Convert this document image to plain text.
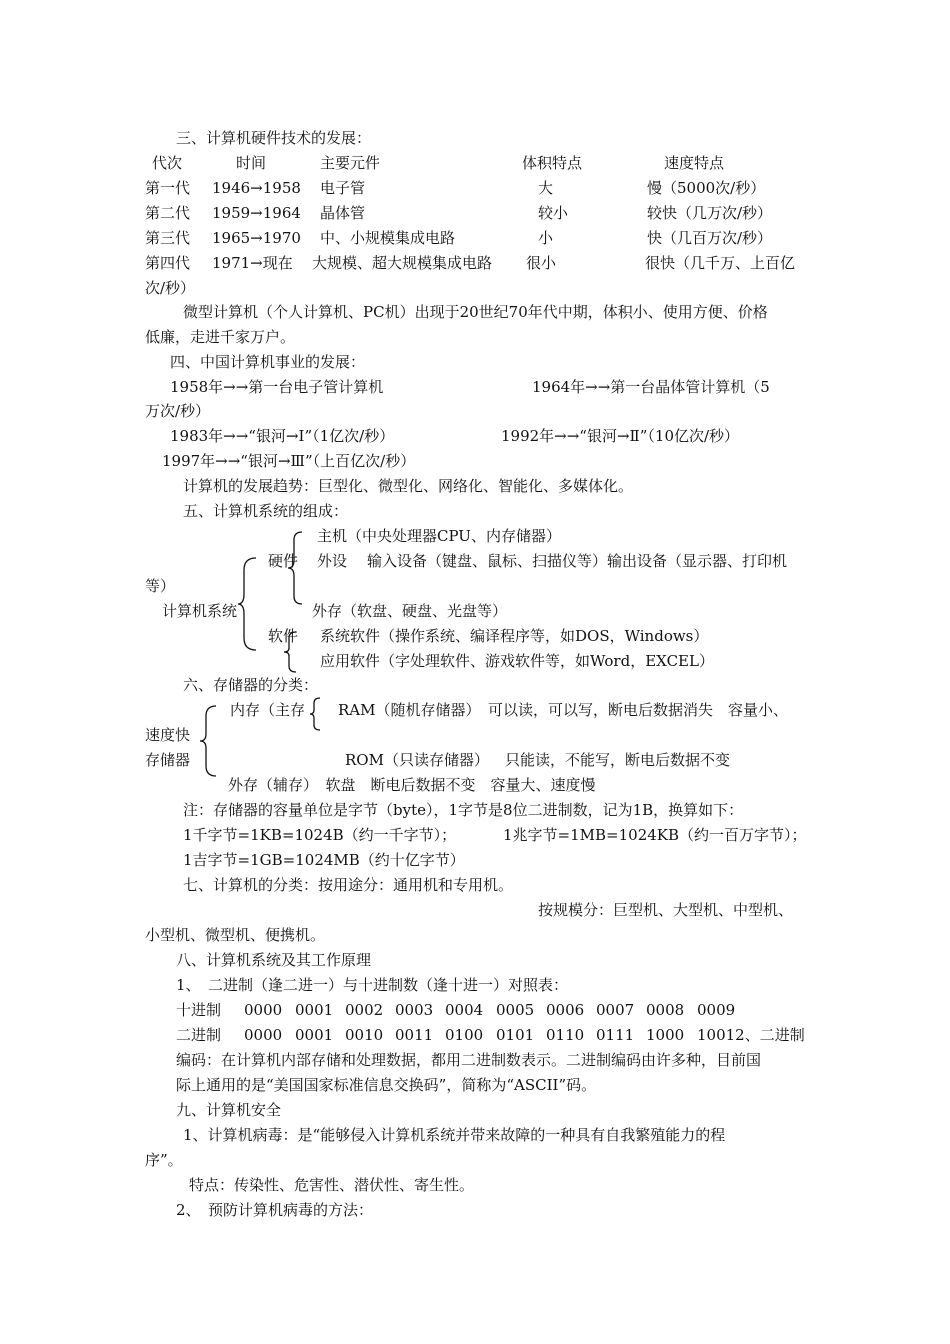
三、计算机硬件技术的发展：
代次	时间	主要元件	体积特点	速度特点
第一代 1946→1958 电子管	大	慢（5000次/秒）
第二代 1959→1964 晶体管	较小	较快（几万次/秒）
第三代 1965→1970 中、小规模集成电路	小	快（几百万次/秒）
第四代 1971→现在 大规模、超大规模集成电路 很小	很快（几千万、上百亿
次/秒）
微型计算机（个人计算机、PC机）出现于20世纪70年代中期，体积小、使用方便、价格
低廉，走进千家万户。
四、中国计算机事业的发展：
1958年→→第一台电子管计算机	1964年→→第一台晶体管计算机（5
万次/秒）
1983年→→“银河→Ⅰ”（1亿次/秒）	1992年→→“银河→Ⅱ”（10亿次/秒）
1997年→→“银河→Ⅲ”（上百亿次/秒）
计算机的发展趋势：巨型化、微型化、网络化、智能化、多媒体化。
五、计算机系统的组成：
主机（中央处理器CPU、内存储器）
硬件 外设 输入设备（键盘、鼠标、扫描仪等）输出设备（显示器、打印机
等）
计算机系统	外存（软盘、硬盘、光盘等）
软件 系统软件（操作系统、编译程序等，如DOS，Windows）
应用软件（字处理软件、游戏软件等，如Word，EXCEL）
六、存储器的分类：
内存（主存 RAM（随机存储器） 可以读，可以写，断电后数据消失　容量小、
速度快
存储器	ROM（只读存储器） 只能读，不能写，断电后数据不变
外存（辅存）　软盘　断电后数据不变　容量大、速度慢
注：存储器的容量单位是字节（byte），1字节是8位二进制数，记为1B，换算如下：
1千字节=1KB=1024B（约一千字节）；	1兆字节=1MB=1024KB（约一百万字节）；
1吉字节=1GB=1024MB（约十亿字节）
七、计算机的分类：按用途分：通用机和专用机。
按规模分：巨型机、大型机、中型机、
小型机、微型机、便携机。
八、计算机系统及其工作原理
1、　二进制（逢二进一）与十进制数（逢十进一）对照表：
十进制 0000 0001 0002 0003 0004 0005 0006 0007 0008 0009
二进制 0000 0001 0010 0011 0100 0101 0110 0111 1000 10012、二进制
编码：在计算机内部存储和处理数据，都用二进制数表示。二进制编码由许多种，目前国
际上通用的是“美国国家标准信息交换码”，简称为“ASCII”码。
九、计算机安全
1、计算机病毒：是“能够侵入计算机系统并带来故障的一种具有自我繁殖能力的程
序”。
特点：传染性、危害性、潜伏性、寄生性。
2、　预防计算机病毒的方法：
